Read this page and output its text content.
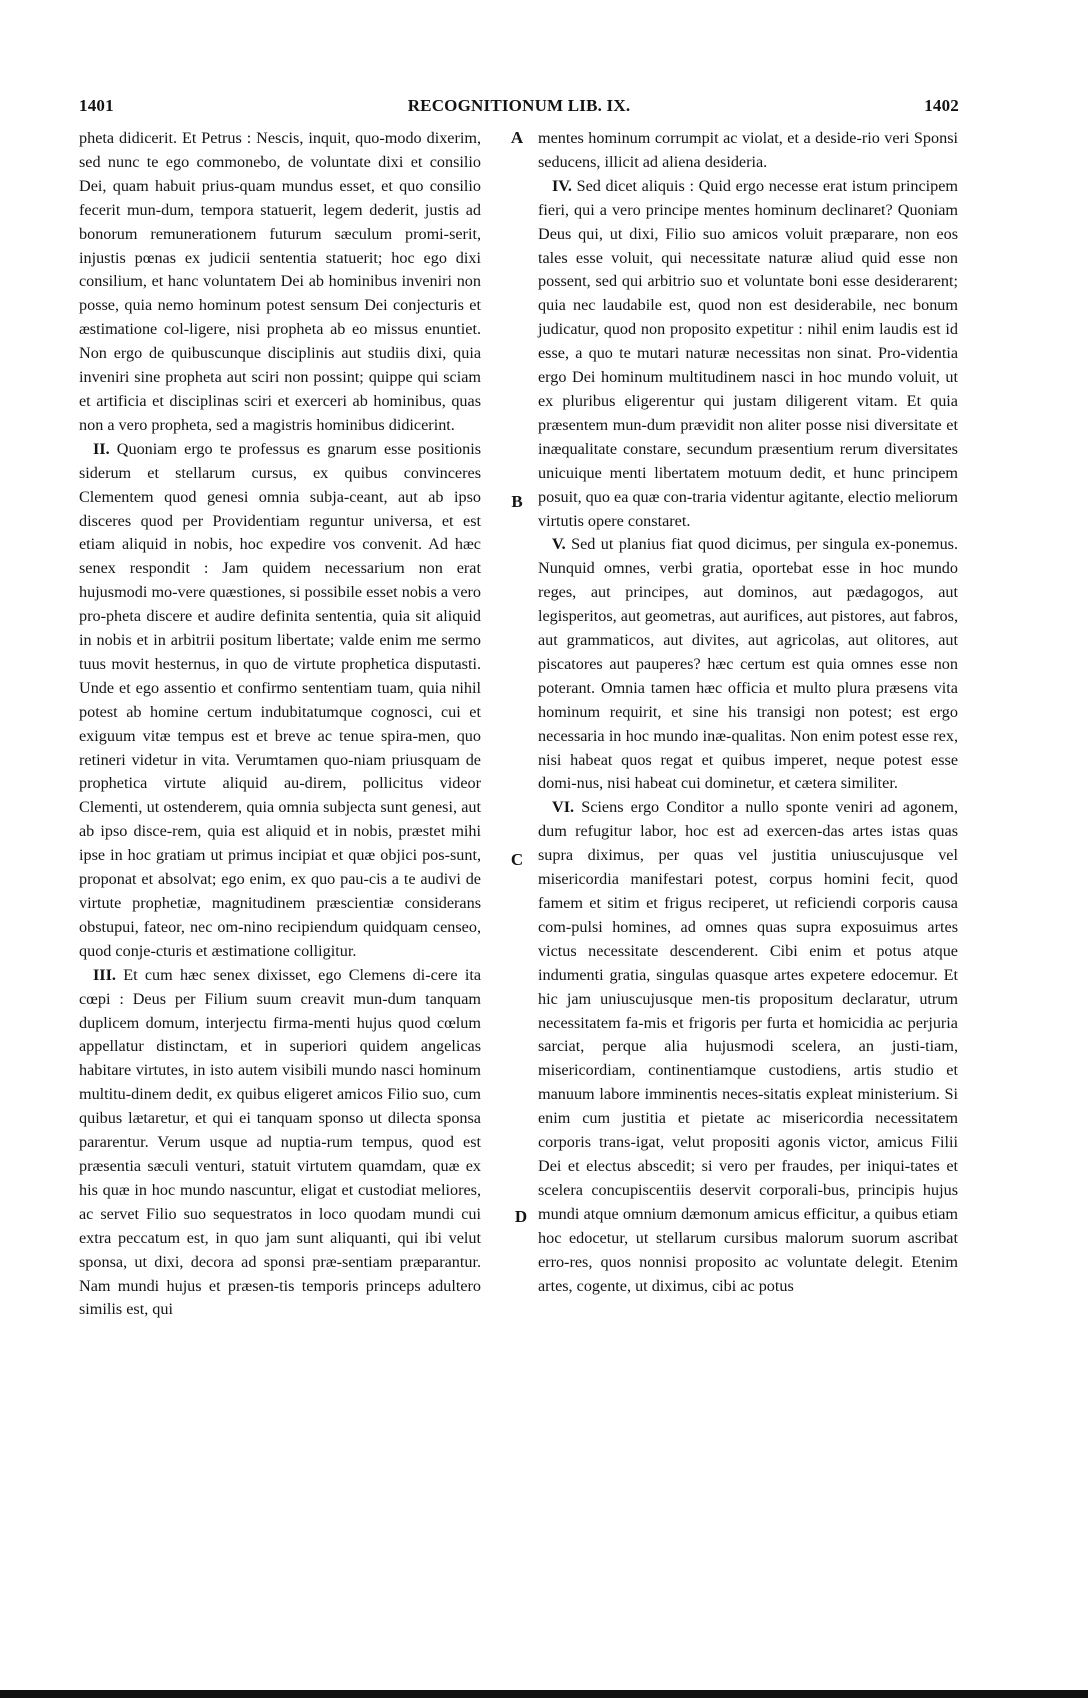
1401	RECOGNITIONUM LIB. IX.	1402

pheta didicerit. Et Petrus : Nescis, inquit, quo-modo dixerim, sed nunc te ego commonebo, de voluntate dixi et consilio Dei, quam habuit prius-quam mundus esset, et quo consilio fecerit mun-dum, tempora statuerit, legem dederit, justis ad bonorum remunerationem futurum sæculum promi-serit, injustis pœnas ex judicii sententia statuerit; hoc ego dixi consilium, et hanc voluntatem Dei ab hominibus inveniri non posse, quia nemo hominum potest sensum Dei conjecturis et æstimatione col-ligere, nisi propheta ab eo missus enuntiet. Non ergo de quibuscunque disciplinis aut studiis dixi, quia inveniri sine propheta aut sciri non possint; quippe qui sciam et artificia et disciplinas sciri et exerceri ab hominibus, quas non a vero propheta, sed a magistris hominibus didicerint.

II. Quoniam ergo te professus es gnarum esse positionis siderum et stellarum cursus, ex quibus convinceres Clementem quod genesi omnia subja-ceant, aut ab ipso disceres quod per Providentiam reguntur universa, et est etiam aliquid in nobis, hoc expedire vos convenit. Ad hæc senex respondit : Jam quidem necessarium non erat hujusmodi mo-vere quæstiones, si possibile esset nobis a vero pro-pheta discere et audire definita sententia, quia sit aliquid in nobis et in arbitrii positum libertate; valde enim me sermo tuus movit hesternus, in quo de virtute prophetica disputasti. Unde et ego assentio et confirmo sententiam tuam, quia nihil potest ab homine certum indubitatumque cognosci, cui et exiguum vitæ tempus est et breve ac tenue spira-men, quo retineri videtur in vita. Verumtamen quo-niam priusquam de prophetica virtute aliquid au-direm, pollicitus videor Clementi, ut ostenderem, quia omnia subjecta sunt genesi, aut ab ipso disce-rem, quia est aliquid et in nobis, præstet mihi ipse in hoc gratiam ut primus incipiat et quæ objici pos-sunt, proponat et absolvat; ego enim, ex quo pau-cis a te audivi de virtute prophetiæ, magnitudinem præscientiæ considerans obstupui, fateor, nec om-nino recipiendum quidquam censeo, quod conje-cturis et æstimatione colligitur.

III. Et cum hæc senex dixisset, ego Clemens di-cere ita cœpi : Deus per Filium suum creavit mun-dum tanquam duplicem domum, interjectu firma-menti hujus quod cœlum appellatur distinctam, et in superiori quidem angelicas habitare virtutes, in isto autem visibili mundo nasci hominum multitu-dinem dedit, ex quibus eligeret amicos Filio suo, cum quibus lætaretur, et qui ei tanquam sponso ut dilecta sponsa pararentur. Verum usque ad nuptia-rum tempus, quod est præsentia sæculi venturi, statuit virtutem quamdam, quæ ex his quæ in hoc mundo nascuntur, eligat et custodiat meliores, ac servet Filio suo sequestratos in loco quodam mundi cui extra peccatum est, in quo jam sunt aliquanti, qui ibi velut sponsa, ut dixi, decora ad sponsi præ-sentiam præparantur. Nam mundi hujus et præsen-tis temporis princeps adultero similis est, qui

A
B
C
D

mentes hominum corrumpit ac violat, et a deside-rio veri Sponsi seducens, illicit ad aliena desideria.

IV. Sed dicet aliquis : Quid ergo necesse erat istum principem fieri, qui a vero principe mentes hominum declinaret? Quoniam Deus qui, ut dixi, Filio suo amicos voluit præparare, non eos tales esse voluit, qui necessitate naturæ aliud quid esse non possent, sed qui arbitrio suo et voluntate boni esse desiderarent; quia nec laudabile est, quod non est desiderabile, nec bonum judicatur, quod non proposito expetitur : nihil enim laudis est id esse, a quo te mutari naturæ necessitas non sinat. Pro-videntia ergo Dei hominum multitudinem nasci in hoc mundo voluit, ut ex pluribus eligerentur qui justam diligerent vitam. Et quia præsentem mun-dum prævidit non aliter posse nisi diversitate et inæqualitate constare, secundum præsentium rerum diversitates unicuique menti libertatem motuum dedit, et hunc principem posuit, quo ea quæ con-traria videntur agitante, electio meliorum virtutis opere constaret.

V. Sed ut planius fiat quod dicimus, per singula ex-ponemus. Nunquid omnes, verbi gratia, oportebat esse in hoc mundo reges, aut principes, aut dominos, aut pædagogos, aut legisperitos, aut geometras, aut aurifices, aut pistores, aut fabros, aut grammaticos, aut divites, aut agricolas, aut olitores, aut piscatores aut pauperes? hæc certum est quia omnes esse non poterant. Omnia tamen hæc officia et multo plura præsens vita hominum requirit, et sine his transigi non potest; est ergo necessaria in hoc mundo inæ-qualitas. Non enim potest esse rex, nisi habeat quos regat et quibus imperet, neque potest esse domi-nus, nisi habeat cui dominetur, et cætera similiter.

VI. Sciens ergo Conditor a nullo sponte veniri ad agonem, dum refugitur labor, hoc est ad exercen-das artes istas quas supra diximus, per quas vel justitia uniuscujusque vel misericordia manifestari potest, corpus homini fecit, quod famem et sitim et frigus reciperet, ut reficiendi corporis causa com-pulsi homines, ad omnes quas supra exposuimus artes victus necessitate descenderent. Cibi enim et potus atque indumenti gratia, singulas quasque artes expetere edocemur. Et hic jam uniuscujusque men-tis propositum declaratur, utrum necessitatem fa-mis et frigoris per furta et homicidia ac perjuria sarciat, perque alia hujusmodi scelera, an justi-tiam, misericordiam, continentiamque custodiens, artis studio et manuum labore imminentis neces-sitatis expleat ministerium. Si enim cum justitia et pietate ac misericordia necessitatem corporis trans-igat, velut propositi agonis victor, amicus Filii Dei et electus abscedit; si vero per fraudes, per iniqui-tates et scelera concupiscentiis deservit corporali-bus, principis hujus mundi atque omnium dæmonum amicus efficitur, a quibus etiam hoc edocetur, ut stellarum cursibus malorum suorum ascribat erro-res, quos nonnisi proposito ac voluntate delegit. Etenim artes, cogente, ut diximus, cibi ac potus
